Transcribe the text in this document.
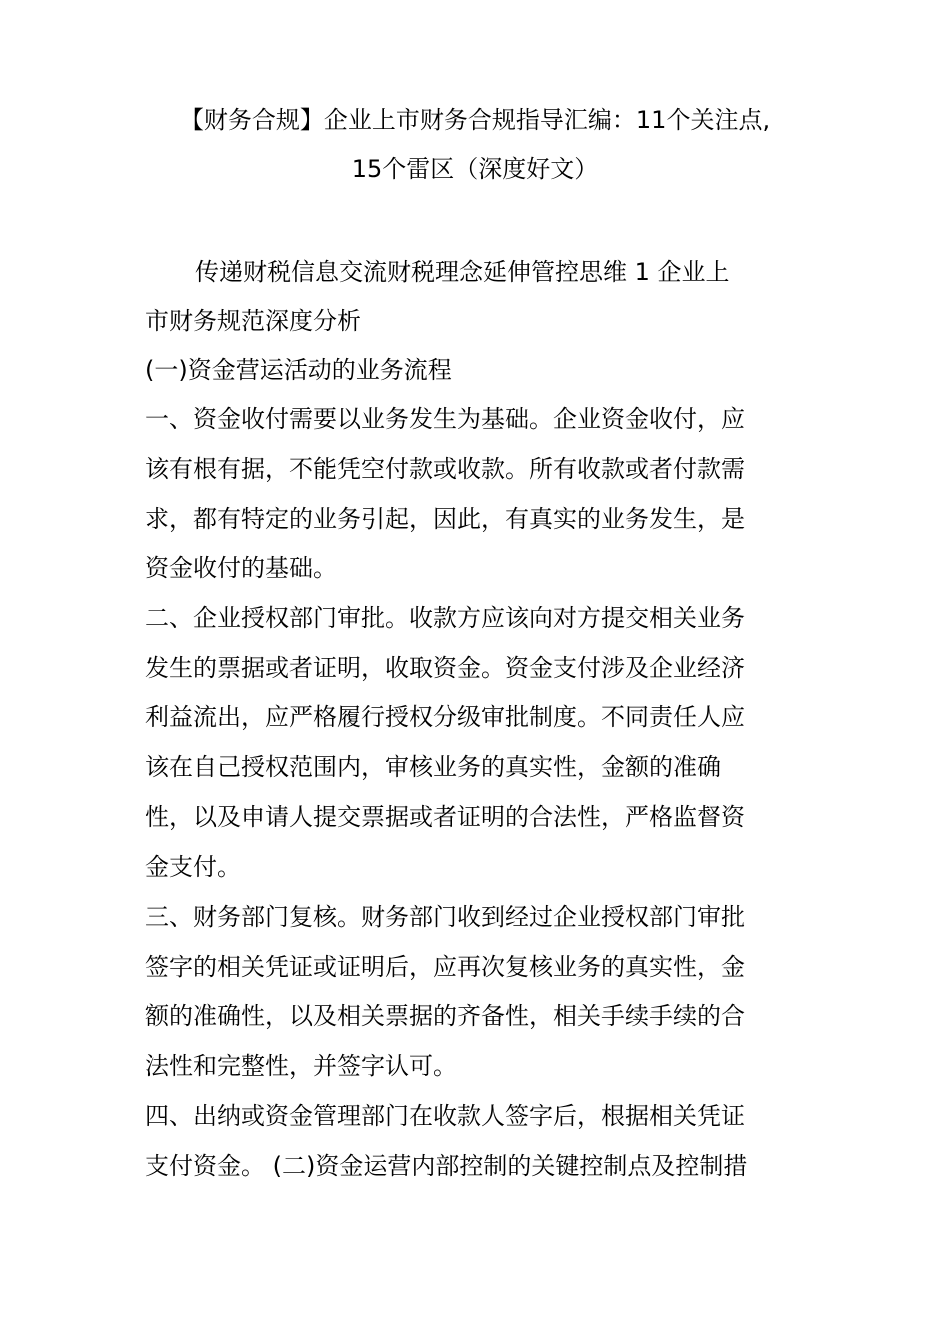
【财务合规】企业上市财务合规指导汇编：11个关注点,
15个雷区（深度好文）
传递财税信息交流财税理念延伸管控思维 1 企业上
市财务规范深度分析
(一)资金营运活动的业务流程
一、资金收付需要以业务发生为基础。企业资金收付，应
该有根有据，不能凭空付款或收款。所有收款或者付款需
求，都有特定的业务引起，因此，有真实的业务发生，是
资金收付的基础。
二、企业授权部门审批。收款方应该向对方提交相关业务
发生的票据或者证明，收取资金。资金支付涉及企业经济
利益流出，应严格履行授权分级审批制度。不同责任人应
该在自己授权范围内，审核业务的真实性，金额的准确
性，以及申请人提交票据或者证明的合法性，严格监督资
金支付。
三、财务部门复核。财务部门收到经过企业授权部门审批
签字的相关凭证或证明后，应再次复核业务的真实性，金
额的准确性，以及相关票据的齐备性，相关手续手续的合
法性和完整性，并签字认可。
四、出纳或资金管理部门在收款人签字后，根据相关凭证
支付资金。 (二)资金运营内部控制的关键控制点及控制措
